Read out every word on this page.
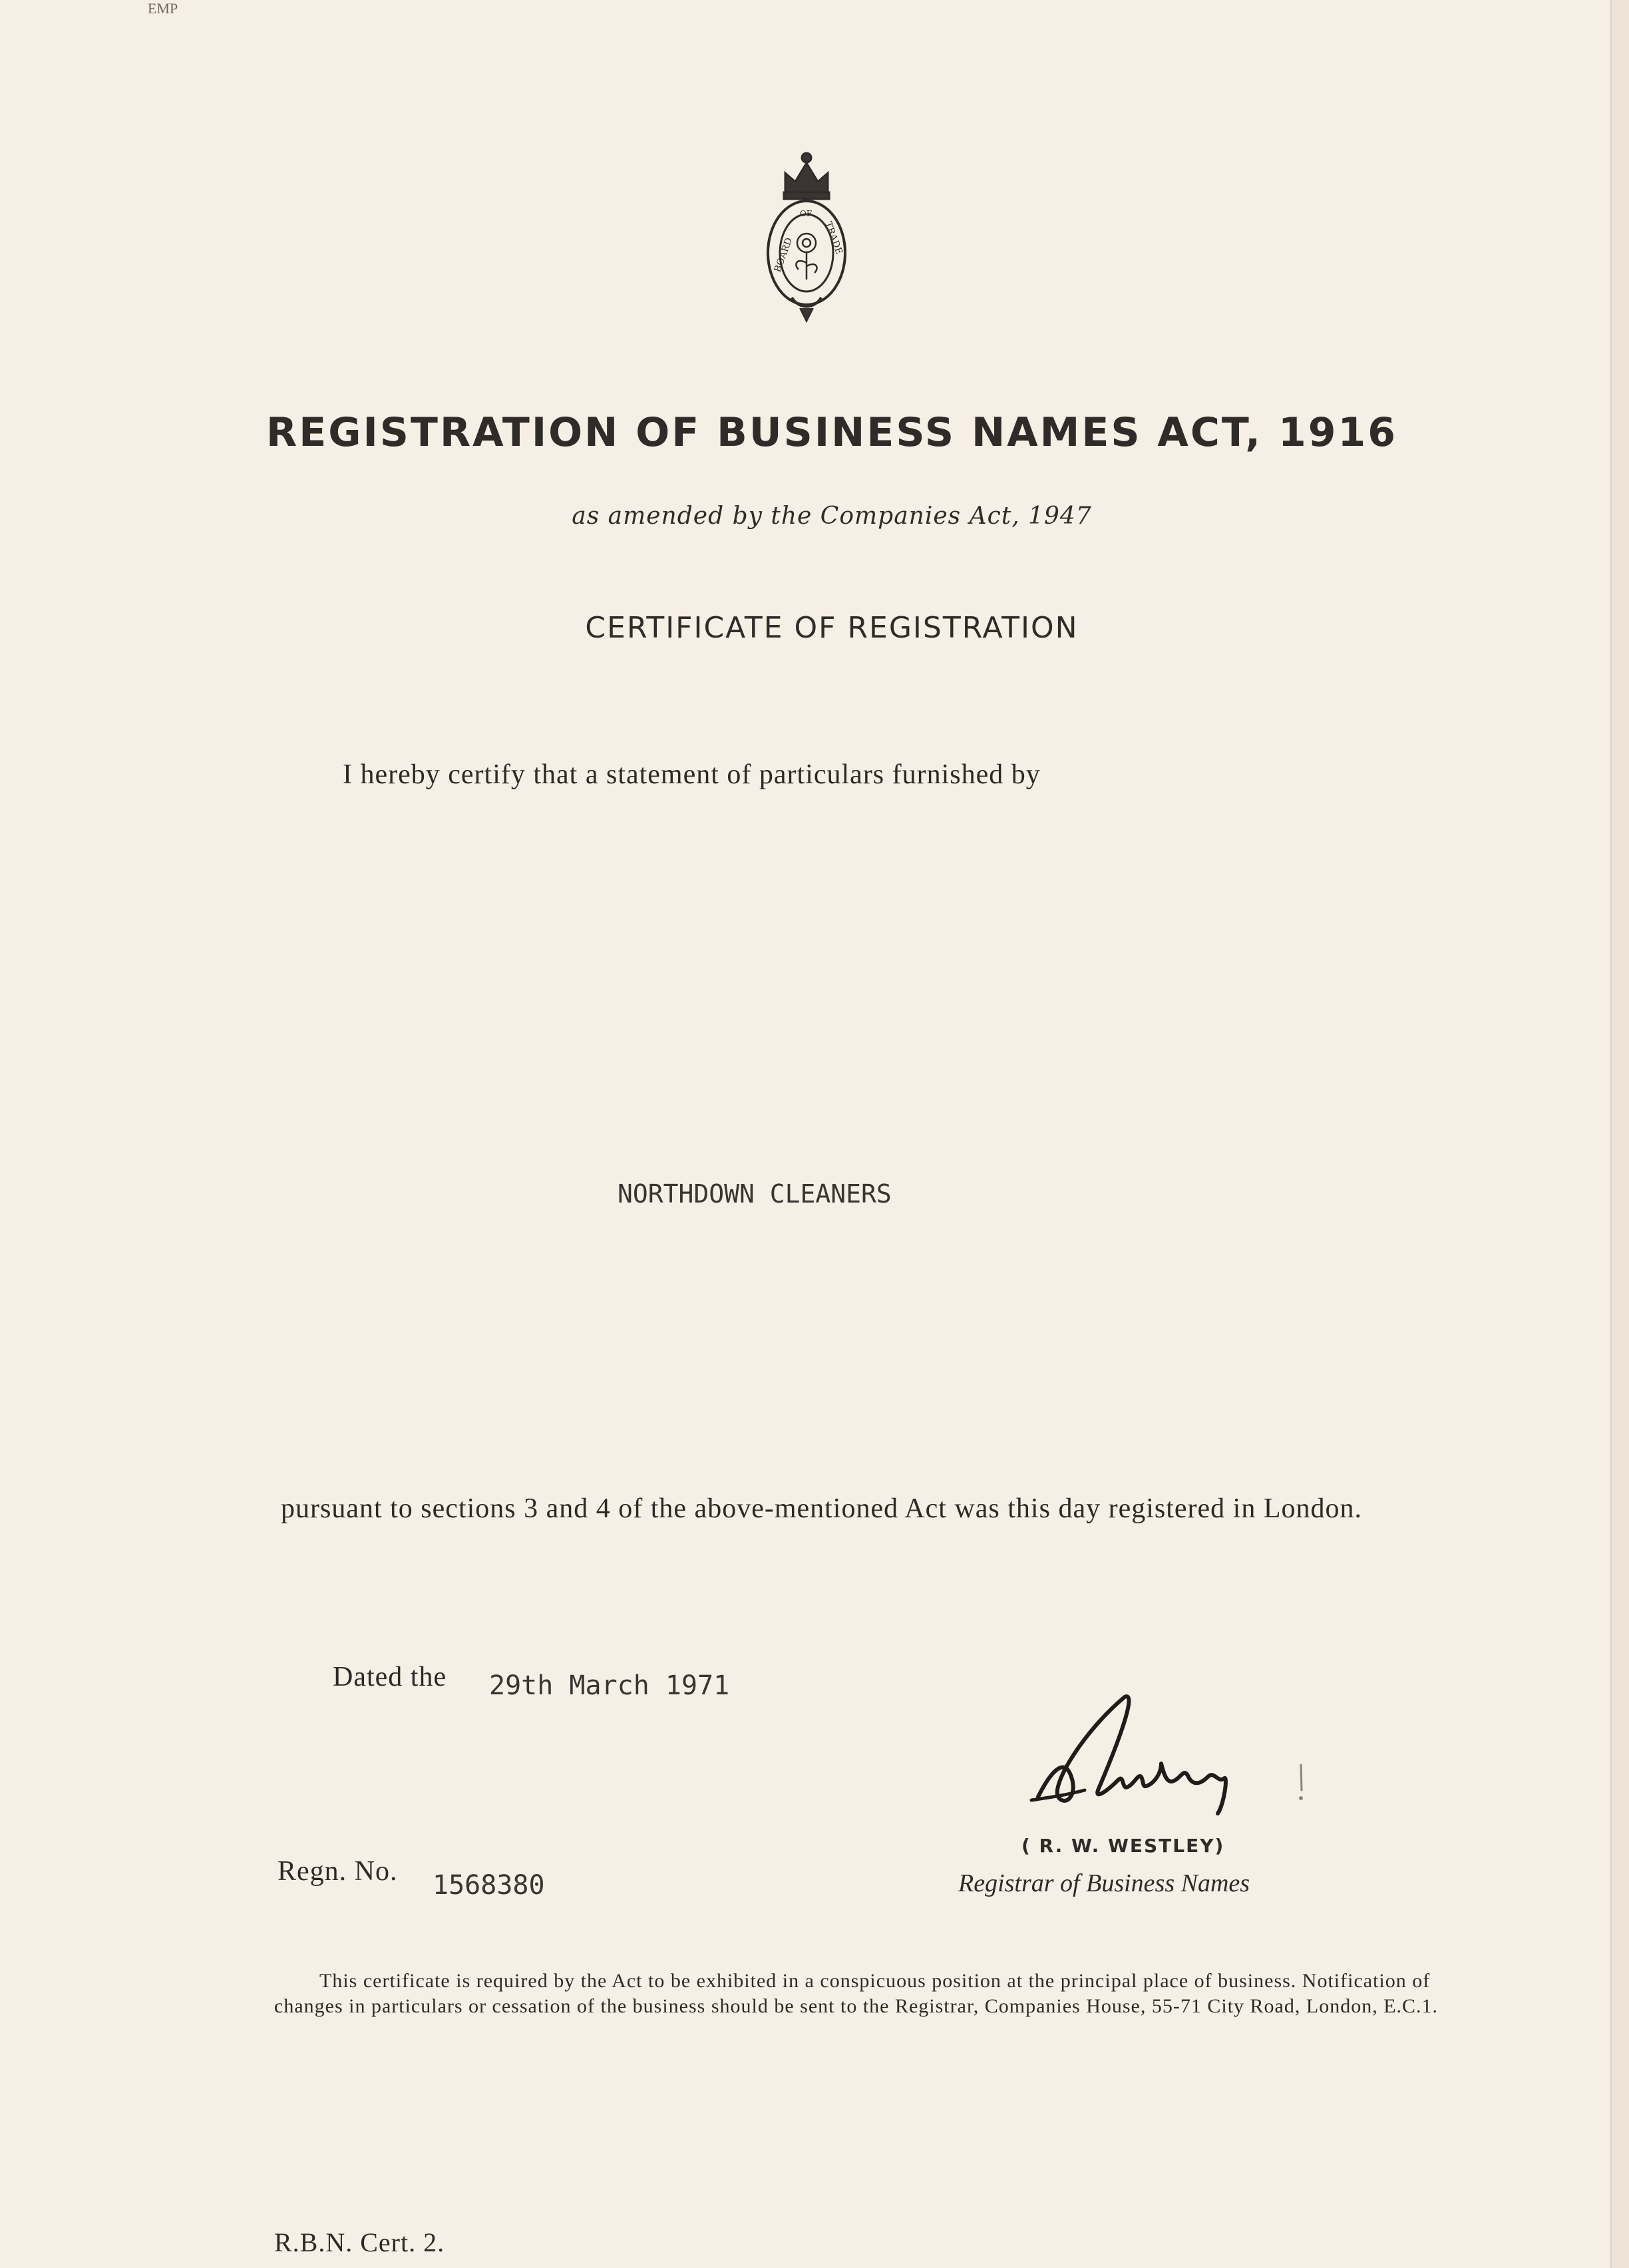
EMP
BOARD
OF
TRADE
REGISTRATION OF BUSINESS NAMES ACT, 1916
as amended by the Companies Act, 1947
CERTIFICATE OF REGISTRATION
I hereby certify that a statement of particulars furnished by
NORTHDOWN CLEANERS
pursuant to sections 3 and 4 of the above-mentioned Act was this day registered in London.
Dated the 29th March 1971
( R. W. WESTLEY)
Registrar of Business Names
Regn. No. 1568380
This certificate is required by the Act to be exhibited in a conspicuous position at the principal place of business. Notification of changes in particulars or cessation of the business should be sent to the Registrar, Companies House, 55-71 City Road, London, E.C.1.
R.B.N. Cert. 2.
